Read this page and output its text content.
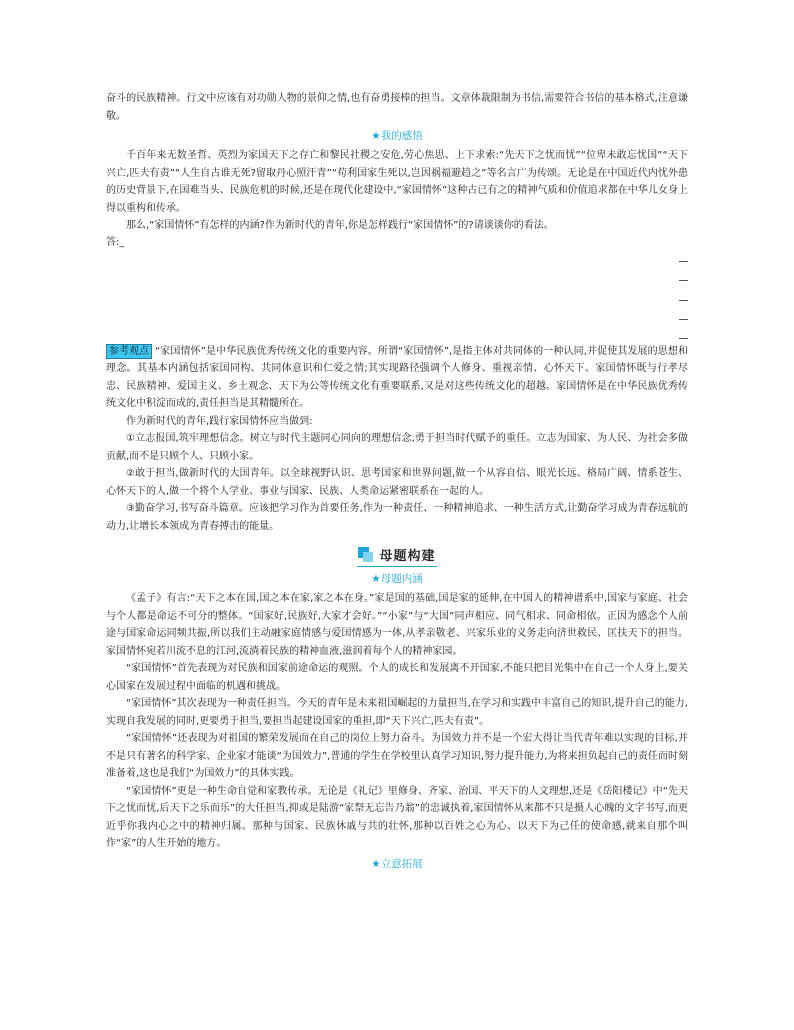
奋斗的民族精神。行文中应该有对功勋人物的景仰之情,也有奋勇接棒的担当。文章体裁限制为书信,需要符合书信的基本格式,注意谦敬。

★我的感悟

千百年来无数圣哲、英烈为家国天下之存亡和黎民社稷之安危,劳心焦思、上下求索:“先天下之忧而忧”“位卑未敢忘忧国”“天下兴亡,匹夫有责”“人生自古谁无死?留取丹心照汗青”“苟利国家生死以,岂因祸福避趋之”等名言广为传颂。无论是在中国近代内忧外患的历史背景下,在国难当头、民族危机的时候,还是在现代化建设中,“家国情怀”这种古已有之的精神气质和价值追求都在中华儿女身上得以重构和传承。

那么,“家国情怀”有怎样的内涵?作为新时代的青年,你是怎样践行“家国情怀”的?请谈谈你的看法。

答:_

参考观点 “家国情怀”是中华民族优秀传统文化的重要内容。所谓“家国情怀”,是指主体对共同体的一种认同,并促使其发展的思想和理念。其基本内涵包括家国同构、共同体意识和仁爱之情;其实现路径强调个人修身、重视亲情、心怀天下。家国情怀既与行孝尽忠、民族精神、爱国主义、乡土观念、天下为公等传统文化有重要联系,又是对这些传统文化的超越。家国情怀是在中华民族优秀传统文化中积淀而成的,责任担当是其精髓所在。

作为新时代的青年,践行家国情怀应当做到:

①立志报国,筑牢理想信念。树立与时代主题同心同向的理想信念,勇于担当时代赋予的重任。立志为国家、为人民、为社会多做贡献,而不是只顾个人、只顾小家。

②敢于担当,做新时代的大国青年。以全球视野认识、思考国家和世界问题,做一个从容自信、眼光长远、格局广阔、情系苍生、心怀天下的人,做一个将个人学业、事业与国家、民族、人类命运紧密联系在一起的人。

③勤奋学习,书写奋斗篇章。应该把学习作为首要任务,作为一种责任、一种精神追求、一种生活方式,让勤奋学习成为青春远航的动力,让增长本领成为青春搏击的能量。

母题构建
★母题内涵

《孟子》有言:“天下之本在国,国之本在家,家之本在身。”家是国的基础,国是家的延伸,在中国人的精神谱系中,国家与家庭、社会与个人都是命运不可分的整体。“国家好,民族好,大家才会好。”“小家”与“大国”同声相应、同气相求、同命相依。正因为感念个人前途与国家命运同频共振,所以我们主动融家庭情感与爱国情感为一体,从孝亲敬老、兴家乐业的义务走向济世救民、匡扶天下的担当。家国情怀宛若川流不息的江河,流淌着民族的精神血液,滋润着每个人的精神家园。

“家国情怀”首先表现为对民族和国家前途命运的观照。个人的成长和发展离不开国家,不能只把目光集中在自己一个人身上,要关心国家在发展过程中面临的机遇和挑战。

“家国情怀”其次表现为一种责任担当。今天的青年是未来祖国崛起的力量担当,在学习和实践中丰富自己的知识,提升自己的能力,实现自我发展的同时,更要勇于担当,要担当起建设国家的重担,即“天下兴亡,匹夫有责”。

“家国情怀”还表现为对祖国的繁荣发展而在自己的岗位上努力奋斗。为国效力并不是一个宏大得让当代青年难以实现的目标,并不是只有著名的科学家、企业家才能谈“为国效力”,普通的学生在学校里认真学习知识,努力提升能力,为将来担负起自己的责任而时刻准备着,这也是我们“为国效力”的具体实践。

“家国情怀”更是一种生命自觉和家教传承。无论是《礼记》里修身、齐家、治国、平天下的人文理想,还是《岳阳楼记》中“先天下之忧而忧,后天下之乐而乐”的大任担当,抑或是陆游“家祭无忘告乃翁”的忠诚执着,家国情怀从来都不只是摄人心魄的文字书写,而更近乎你我内心之中的精神归属。那种与国家、民族休戚与共的壮怀,那种以百姓之心为心、以天下为己任的使命感,就来自那个叫作“家”的人生开始的地方。

★立意拓展
